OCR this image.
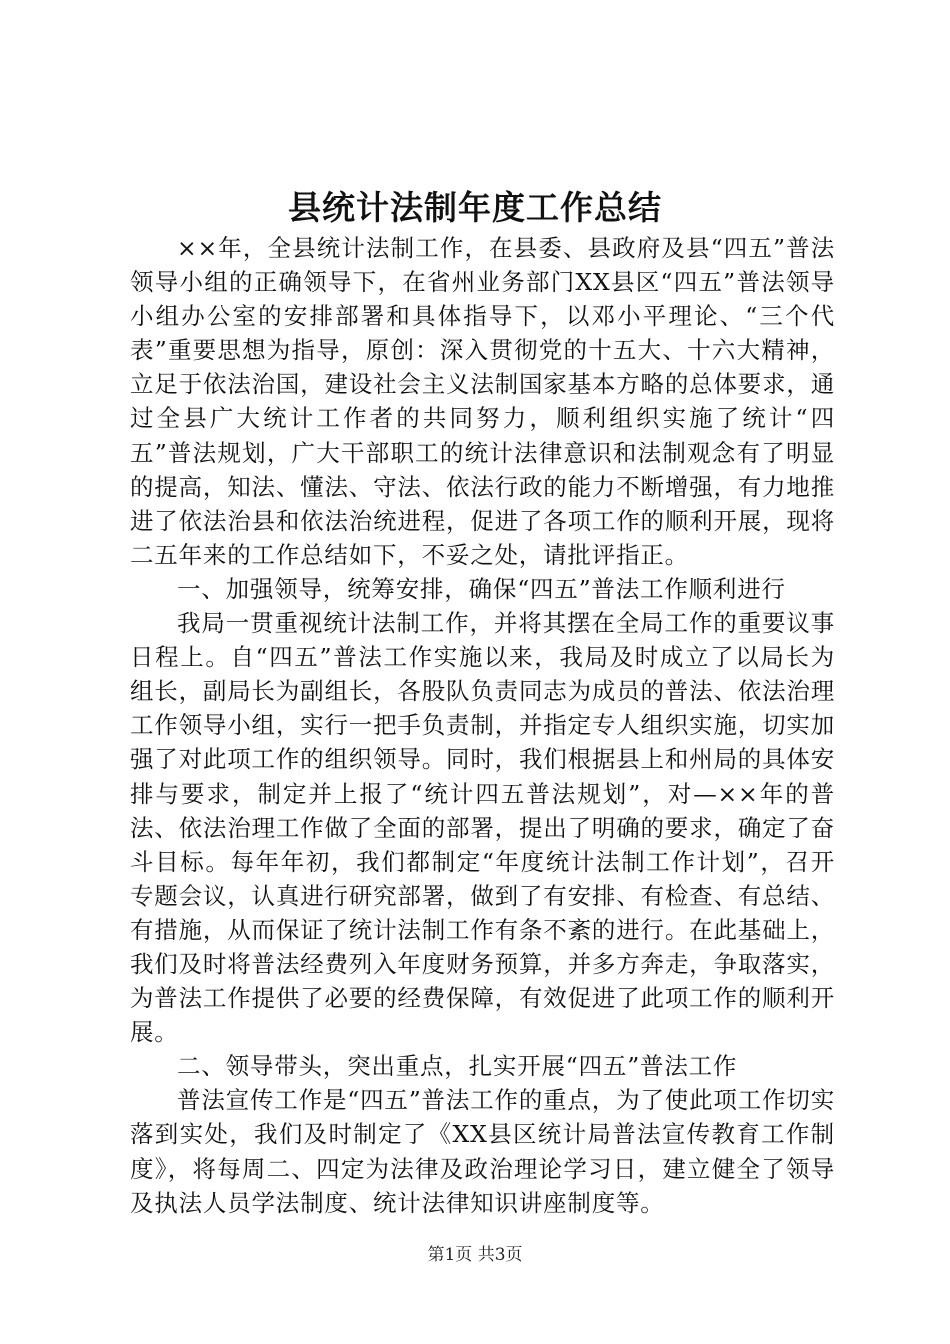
县统计法制年度工作总结

××年，全县统计法制工作，在县委、县政府及县“四五”普法领导小组的正确领导下，在省州业务部门XX县区“四五”普法领导小组办公室的安排部署和具体指导下，以邓小平理论、“三个代表”重要思想为指导，原创：深入贯彻党的十五大、十六大精神，立足于依法治国，建设社会主义法制国家基本方略的总体要求，通过全县广大统计工作者的共同努力，顺利组织实施了统计“四五”普法规划，广大干部职工的统计法律意识和法制观念有了明显的提高，知法、懂法、守法、依法行政的能力不断增强，有力地推进了依法治县和依法治统进程，促进了各项工作的顺利开展，现将二五年来的工作总结如下，不妥之处，请批评指正。

一、加强领导，统筹安排，确保“四五”普法工作顺利进行

我局一贯重视统计法制工作，并将其摆在全局工作的重要议事日程上。自“四五”普法工作实施以来，我局及时成立了以局长为组长，副局长为副组长，各股队负责同志为成员的普法、依法治理工作领导小组，实行一把手负责制，并指定专人组织实施，切实加强了对此项工作的组织领导。同时，我们根据县上和州局的具体安排与要求，制定并上报了“统计四五普法规划”，对—××年的普法、依法治理工作做了全面的部署，提出了明确的要求，确定了奋斗目标。每年年初，我们都制定“年度统计法制工作计划”，召开专题会议，认真进行研究部署，做到了有安排、有检查、有总结、有措施，从而保证了统计法制工作有条不紊的进行。在此基础上，我们及时将普法经费列入年度财务预算，并多方奔走，争取落实，为普法工作提供了必要的经费保障，有效促进了此项工作的顺利开展。

二、领导带头，突出重点，扎实开展“四五”普法工作

普法宣传工作是“四五”普法工作的重点，为了使此项工作切实落到实处，我们及时制定了《XX县区统计局普法宣传教育工作制度》，将每周二、四定为法律及政治理论学习日，建立健全了领导及执法人员学法制度、统计法律知识讲座制度等。

第1页 共3页
